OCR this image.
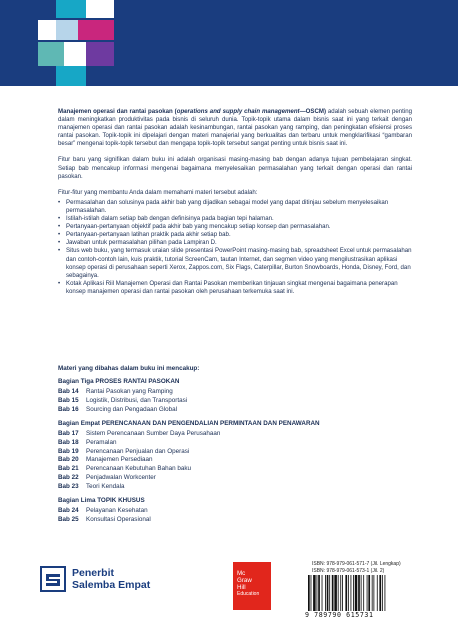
Manajemen operasi dan rantai pasokan (operations and supply chain management—OSCM) adalah sebuah elemen penting dalam meningkatkan produktivitas pada bisnis di seluruh dunia. Topik-topik utama dalam bisnis saat ini yang terkait dengan manajemen operasi dan rantai pasokan adalah kesinambungan, rantai pasokan yang ramping, dan peningkatan efisiensi proses rantai pasokan. Topik-topik ini dipelajari dengan materi manajerial yang berkualitas dan terbaru untuk mengklarifikasi “gambaran besar” mengenai topik-topik tersebut dan mengapa topik-topik tersebut sangat penting untuk bisnis saat ini.

Fitur baru yang signifikan dalam buku ini adalah organisasi masing-masing bab dengan adanya tujuan pembelajaran singkat. Setiap bab mencakup informasi mengenai bagaimana menyelesaikan permasalahan yang terkait dengan operasi dan rantai pasokan.

Fitur-fitur yang membantu Anda dalam memahami materi tersebut adalah:
• Permasalahan dan solusinya pada akhir bab yang dijadikan sebagai model yang dapat ditinjau sebelum menyelesaikan permasalahan.
• Istilah-istilah dalam setiap bab dengan definisinya pada bagian tepi halaman.
• Pertanyaan-pertanyaan objektif pada akhir bab yang mencakup setiap konsep dan permasalahan.
• Pertanyaan-pertanyaan latihan praktik pada akhir setiap bab.
• Jawaban untuk permasalahan pilihan pada Lampiran D.
• Situs web buku, yang termasuk uraian slide presentasi PowerPoint masing-masing bab, spreadsheet Excel untuk permasalahan dan contoh-contoh lain, kuis praktik, tutorial ScreenCam, tautan Internet, dan segmen video yang mengilustrasikan aplikasi konsep operasi di perusahaan seperti Xerox, Zappos.com, Six Flags, Caterpillar, Burton Snowboards, Honda, Disney, Ford, dan sebagainya.
• Kotak Aplikasi Riil Manajemen Operasi dan Rantai Pasokan memberikan tinjauan singkat mengenai bagaimana penerapan konsep manajemen operasi dan rantai pasokan oleh perusahaan terkemuka saat ini.
Materi yang dibahas dalam buku ini mencakup:
Bagian Tiga PROSES RANTAI PASOKAN
Bab 14	Rantai Pasokan yang Ramping
Bab 15	Logistik, Distribusi, dan Transportasi
Bab 16	Sourcing dan Pengadaan Global
Bagian Empat PERENCANAAN DAN PENGENDALIAN PERMINTAAN DAN PENAWARAN
Bab 17	Sistem Perencanaan Sumber Daya Perusahaan
Bab 18	Peramalan
Bab 19	Perencanaan Penjualan dan Operasi
Bab 20	Manajemen Persediaan
Bab 21	Perencanaan Kebutuhan Bahan baku
Bab 22	Penjadwalan Workcenter
Bab 23	Teori Kendala
Bagian Lima TOPIK KHUSUS
Bab 24	Pelayanan Kesehatan
Bab 25	Konsultasi Operasional
Penerbit
Salemba Empat
Mc
Graw
Hill
Education
ISBN: 978-979-061-571-7 (Jil. Lengkap)
ISBN: 978-979-061-573-1 (Jil. 2)
9 789790 615731
